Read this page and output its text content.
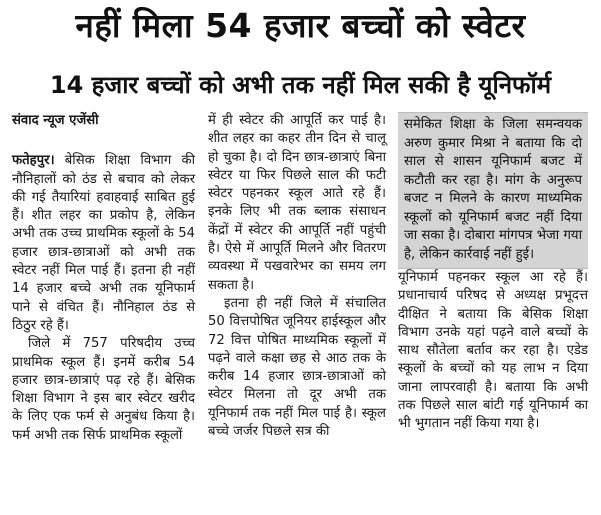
नहीं मिला 54 हजार बच्चों को स्वेटर
14 हजार बच्चों को अभी तक नहीं मिल सकी है यूनिफॉर्म

संवाद न्यूज एजेंसी

फतेहपुर। बेसिक शिक्षा विभाग की नौनिहालों को ठंड से बचाव को लेकर की गई तैयारियां हवाहवाई साबित हुई हैं। शीत लहर का प्रकोप है, लेकिन अभी तक उच्च प्राथमिक स्कूलों के 54 हजार छात्र-छात्राओं को अभी तक स्वेटर नहीं मिल पाई हैं। इतना ही नहीं 14 हजार बच्चे अभी तक यूनिफार्म पाने से वंचित हैं। नौनिहाल ठंड से ठिठुर रहे हैं।

जिले में 757 परिषदीय उच्च प्राथमिक स्कूल हैं। इनमें करीब 54 हजार छात्र-छात्राएं पढ़ रहे हैं। बेसिक शिक्षा विभाग ने इस बार स्वेटर खरीद के लिए एक फर्म से अनुबंध किया है। फर्म अभी तक सिर्फ प्राथमिक स्कूलों

में ही स्वेटर की आपूर्ति कर पाई है। शीत लहर का कहर तीन दिन से चालू हो चुका है। दो दिन छात्र-छात्राएं बिना स्वेटर या फिर पिछले साल की फटी स्वेटर पहनकर स्कूल आते रहे हैं। इनके लिए भी तक ब्लाक संसाधन केंद्रों में स्वेटर की आपूर्ति नहीं पहुंची है। ऐसे में आपूर्ति मिलने और वितरण व्यवस्था में पखवारेभर का समय लग सकता है।

इतना ही नहीं जिले में संचालित 50 वित्तपोषित जूनियर हाईस्कूल और 72 वित्त पोषित माध्यमिक स्कूलों में पढ़ने वाले कक्षा छह से आठ तक के करीब 14 हजार छात्र-छात्राओं को स्वेटर मिलना तो दूर अभी तक यूनिफार्म तक नहीं मिल पाई है। स्कूल बच्चे जर्जर पिछले सत्र की

समेकित शिक्षा के जिला समन्वयक अरुण कुमार मिश्रा ने बताया कि दो साल से शासन यूनिफार्म बजट में कटौती कर रहा है। मांग के अनुरूप बजट न मिलने के कारण माध्यमिक स्कूलों को यूनिफार्म बजट नहीं दिया जा सका है। दोबारा मांगपत्र भेजा गया है, लेकिन कार्रवाई नहीं हुई।

यूनिफार्म पहनकर स्कूल आ रहे हैं। प्रधानाचार्य परिषद से अध्यक्ष प्रभूदत्त दीक्षित ने बताया कि बेसिक शिक्षा विभाग उनके यहां पढ़ने वाले बच्चों के साथ सौतेला बर्ताव कर रहा है। एडेड स्कूलों के बच्चों को यह लाभ न दिया जाना लापरवाही है। बताया कि अभी तक पिछले साल बांटी गई यूनिफार्म का भी भुगतान नहीं किया गया है।
